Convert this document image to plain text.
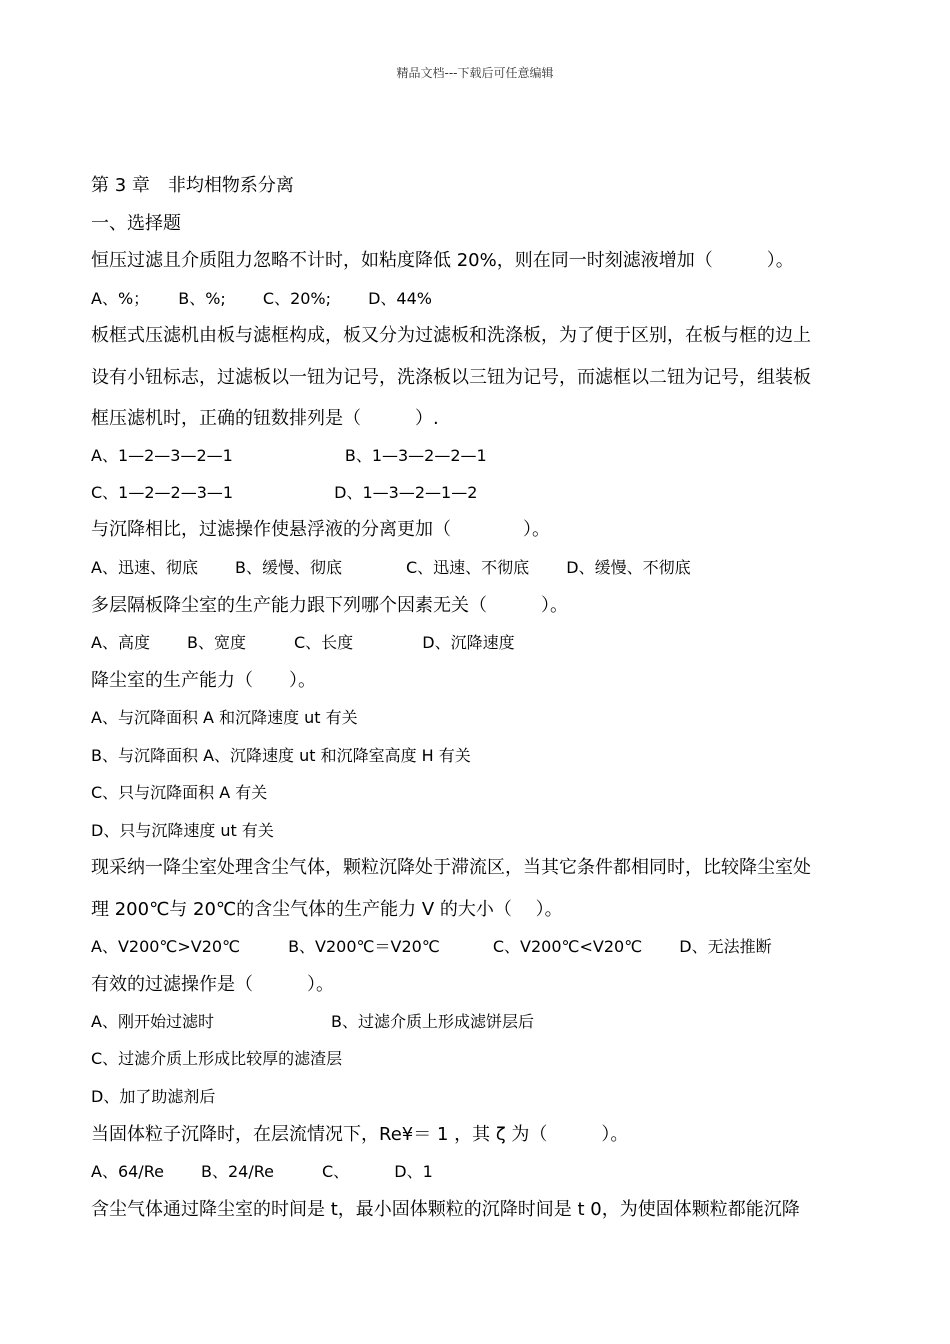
精品文档---下载后可任意编辑
第 3 章　非均相物系分离
一、选择题
恒压过滤且介质阻力忽略不计时，如粘度降低 20%，则在同一时刻滤液增加（　　　）。
A、%；　　 B、%;　　 C、20%;　　 D、44%
板框式压滤机由板与滤框构成，板又分为过滤板和洗涤板，为了便于区别，在板与框的边上
设有小钮标志，过滤板以一钮为记号，洗涤板以三钮为记号，而滤框以二钮为记号，组装板
框压滤机时，正确的钮数排列是（　　　）.
A、1—2—3—2—1　　　　　　　B、1—3—2—2—1
C、1—2—2—3—1　　　　　　 D、1—3—2—1—2
与沉降相比，过滤操作使悬浮液的分离更加（　　　　）。
A、迅速、彻底　　 B、缓慢、彻底　　　　C、迅速、不彻底　　 D、缓慢、不彻底
多层隔板降尘室的生产能力跟下列哪个因素无关（　　　）。
A、高度　　 B、宽度　　　C、长度　　　　 D、沉降速度
降尘室的生产能力（　　）。
A、与沉降面积 A 和沉降速度 ut 有关
B、与沉降面积 A、沉降速度 ut 和沉降室高度 H 有关
C、只与沉降面积 A 有关
D、只与沉降速度 ut 有关
现采纳一降尘室处理含尘气体，颗粒沉降处于滞流区，当其它条件都相同时，比较降尘室处
理 200℃与 20℃的含尘气体的生产能力 V 的大小（　 ）。
A、V200℃>V20℃　　　B、V200℃＝V20℃　　　 C、V200℃<V20℃　　 D、无法推断
有效的过滤操作是（　　　）。
A、刚开始过滤时　　　　　　　 B、过滤介质上形成滤饼层后
C、过滤介质上形成比较厚的滤渣层
D、加了助滤剂后
当固体粒子沉降时，在层流情况下，Re¥＝ 1 ，其 ζ 为（　　　）。
A、64/Re　　 B、24/Re　　　C、　　　 D、1
含尘气体通过降尘室的时间是 t，最小固体颗粒的沉降时间是 t 0，为使固体颗粒都能沉降
